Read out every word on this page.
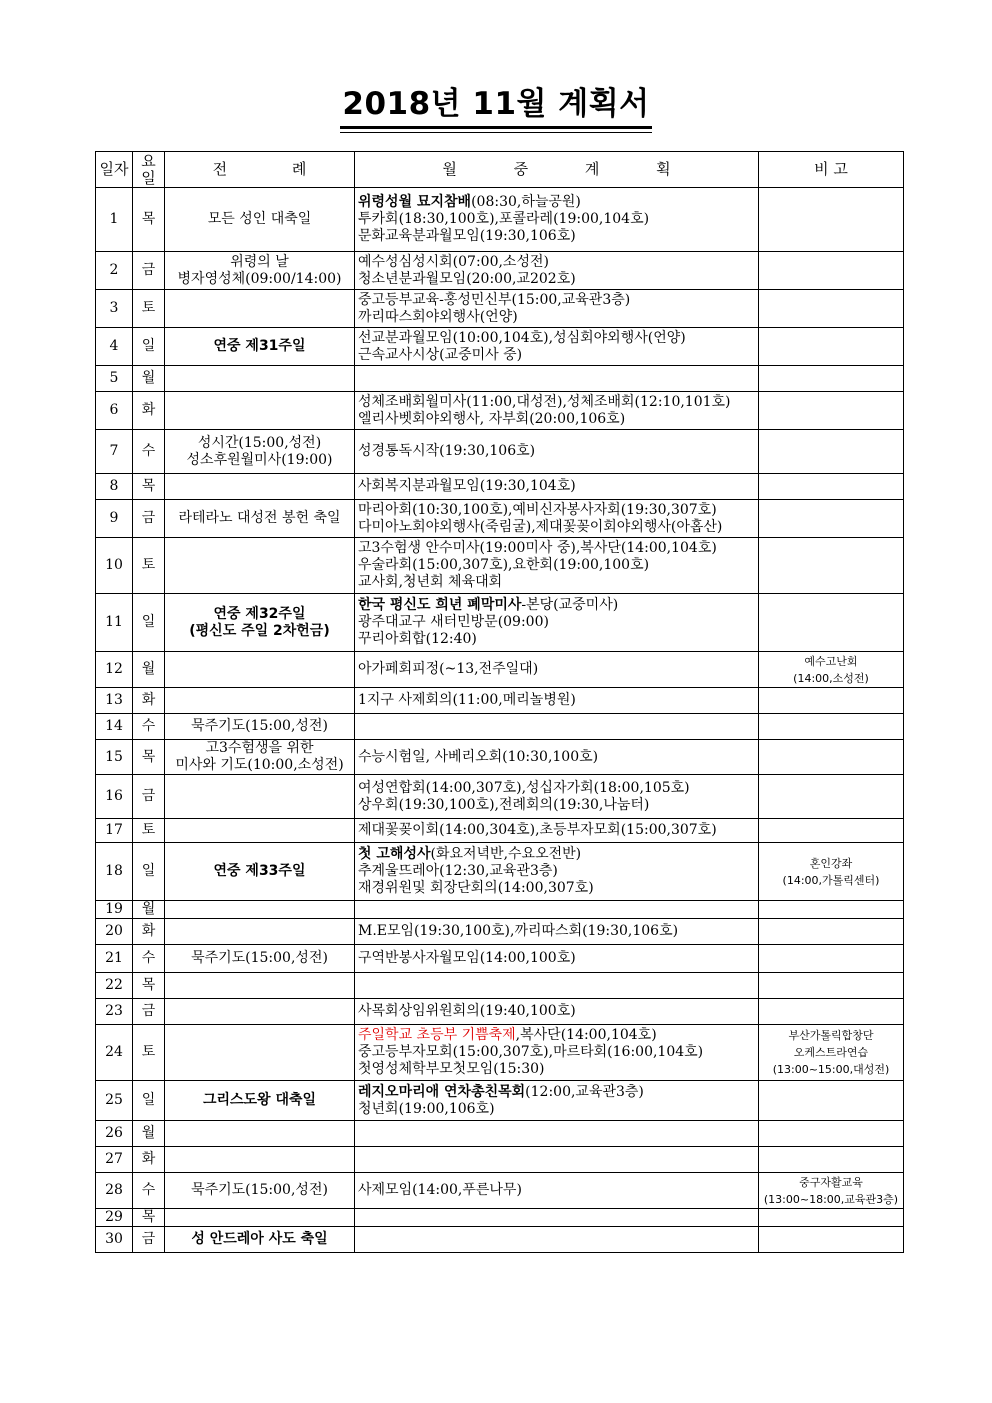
2018년 11월 계획서
일자	요일	전 례	월 중 계 획	비 고
1	목	모든 성인 대축일	위령성월 묘지참배(08:30,하늘공원)
투카회(18:30,100호),포콜라레(19:00,104호)
문화교육분과월모임(19:30,106호)	

2	금	위령의 날
병자영성체(09:00/14:00)	예수성심성시회(07:00,소성전)
청소년분과월모임(20:00,교202호)	

3	토		중고등부교육-홍성민신부(15:00,교육관3층)
까리따스회야외행사(언양)	

4	일	연중 제31주일	선교분과월모임(10:00,104호),성심회야외행사(언양)
근속교사시상(교중미사 중)	

5	월			
6	화		성체조배회월미사(11:00,대성전),성체조배회(12:10,101호)
엘리사벳회야외행사, 자부회(20:00,106호)	

7	수	성시간(15:00,성전)
성소후원월미사(19:00)	성경통독시작(19:30,106호)	

8	목		사회복지분과월모임(19:30,104호)	

9	금	라테라노 대성전 봉헌 축일	마리아회(10:30,100호),예비신자봉사자회(19:30,307호)
다미아노회야외행사(죽림굴),제대꽃꽂이회야외행사(아홉산)	

10	토		고3수험생 안수미사(19:00미사 중),복사단(14:00,104호)
우술라회(15:00,307호),요한회(19:00,100호)
교사회,청년회 체육대회	

11	일	연중 제32주일
(평신도 주일 2차헌금)	한국 평신도 희년 폐막미사-본당(교중미사)
광주대교구 새터민방문(09:00)
꾸리아회합(12:40)	

12	월		아가페회피정(~13,전주일대)	예수고난회
(14:00,소성전)

13	화		1지구 사제회의(11:00,메리놀병원)	

14	수	묵주기도(15:00,성전)		

15	목	고3수험생을 위한
미사와 기도(10:00,소성전)	수능시험일, 사베리오회(10:30,100호)	

16	금		여성연합회(14:00,307호),성십자가회(18:00,105호)
상우회(19:30,100호),전례회의(19:30,나눔터)	

17	토		제대꽃꽂이회(14:00,304호),초등부자모회(15:00,307호)	

18	일	연중 제33주일	첫 고해성사(화요저녁반,수요오전반)
추계울뜨레아(12:30,교육관3층)
재경위원및 회장단회의(14:00,307호)	혼인강좌
(14:00,가톨릭센터)

19	월			
20	화		M.E모임(19:30,100호),까리따스회(19:30,106호)	

21	수	묵주기도(15:00,성전)	구역반봉사자월모임(14:00,100호)	

22	목			
23	금		사목회상임위원회의(19:40,100호)	

24	토		주일학교 초등부 기쁨축제,복사단(14:00,104호)
중고등부자모회(15:00,307호),마르타회(16:00,104호)
첫영성체학부모첫모임(15:30)	부산가톨릭합창단
오케스트라연습
(13:00~15:00,대성전)

25	일	그리스도왕 대축일	레지오마리애 연차총친목회(12:00,교육관3층)
청년회(19:00,106호)	

26	월			
27	화			
28	수	묵주기도(15:00,성전)	사제모임(14:00,푸른나무)	중구자활교육
(13:00~18:00,교육관3층)

29	목			
30	금	성 안드레아 사도 축일		
